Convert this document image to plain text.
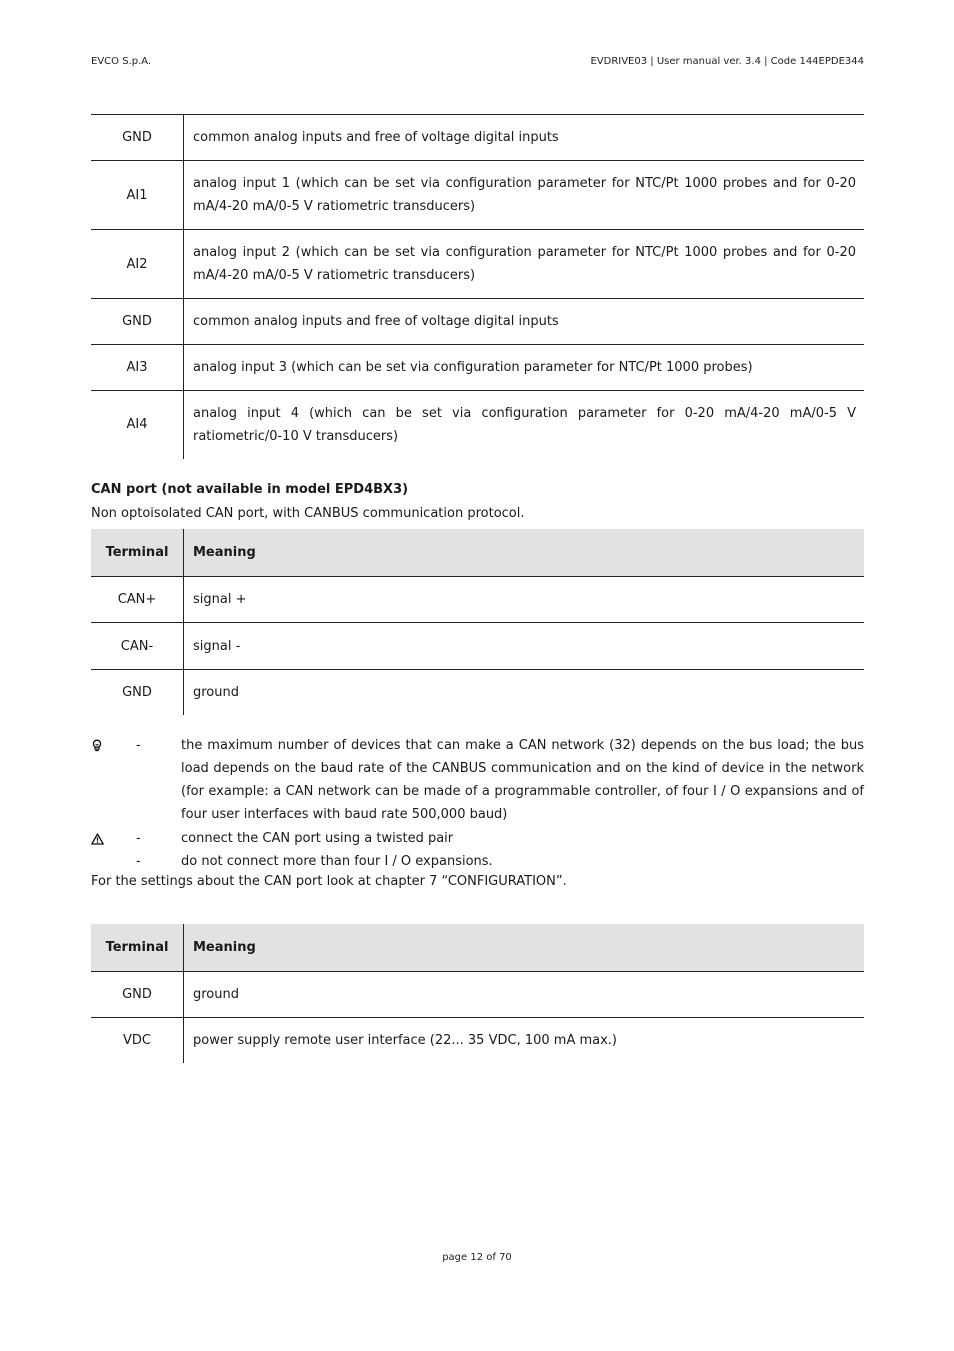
EVCO S.p.A.	EVDRIVE03 | User manual ver. 3.4 | Code 144EPDE344
GND	common analog inputs and free of voltage digital inputs
AI1	analog input 1 (which can be set via configuration parameter for NTC/Pt 1000 probes and for 0-20 mA/4-20 mA/0-5 V ratiometric transducers)
AI2	analog input 2 (which can be set via configuration parameter for NTC/Pt 1000 probes and for 0-20 mA/4-20 mA/0-5 V ratiometric transducers)
GND	common analog inputs and free of voltage digital inputs
AI3	analog input 3 (which can be set via configuration parameter for NTC/Pt 1000 probes)
AI4	analog input 4 (which can be set via configuration parameter for 0-20 mA/4-20 mA/0-5 V ratiometric/0-10 V transducers)
CAN port (not available in model EPD4BX3)
Non optoisolated CAN port, with CANBUS communication protocol.
Terminal	Meaning
CAN+	signal +
CAN-	signal -
GND	ground
-	the maximum number of devices that can make a CAN network (32) depends on the bus load; the bus load depends on the baud rate of the CANBUS communication and on the kind of device in the network (for example: a CAN network can be made of a programmable controller, of four I / O expansions and of four user interfaces with baud rate 500,000 baud)
-	connect the CAN port using a twisted pair
-	do not connect more than four I / O expansions.
For the settings about the CAN port look at chapter 7 “CONFIGURATION”.
Terminal	Meaning
GND	ground
VDC	power supply remote user interface (22... 35 VDC, 100 mA max.)
page 12 of 70
